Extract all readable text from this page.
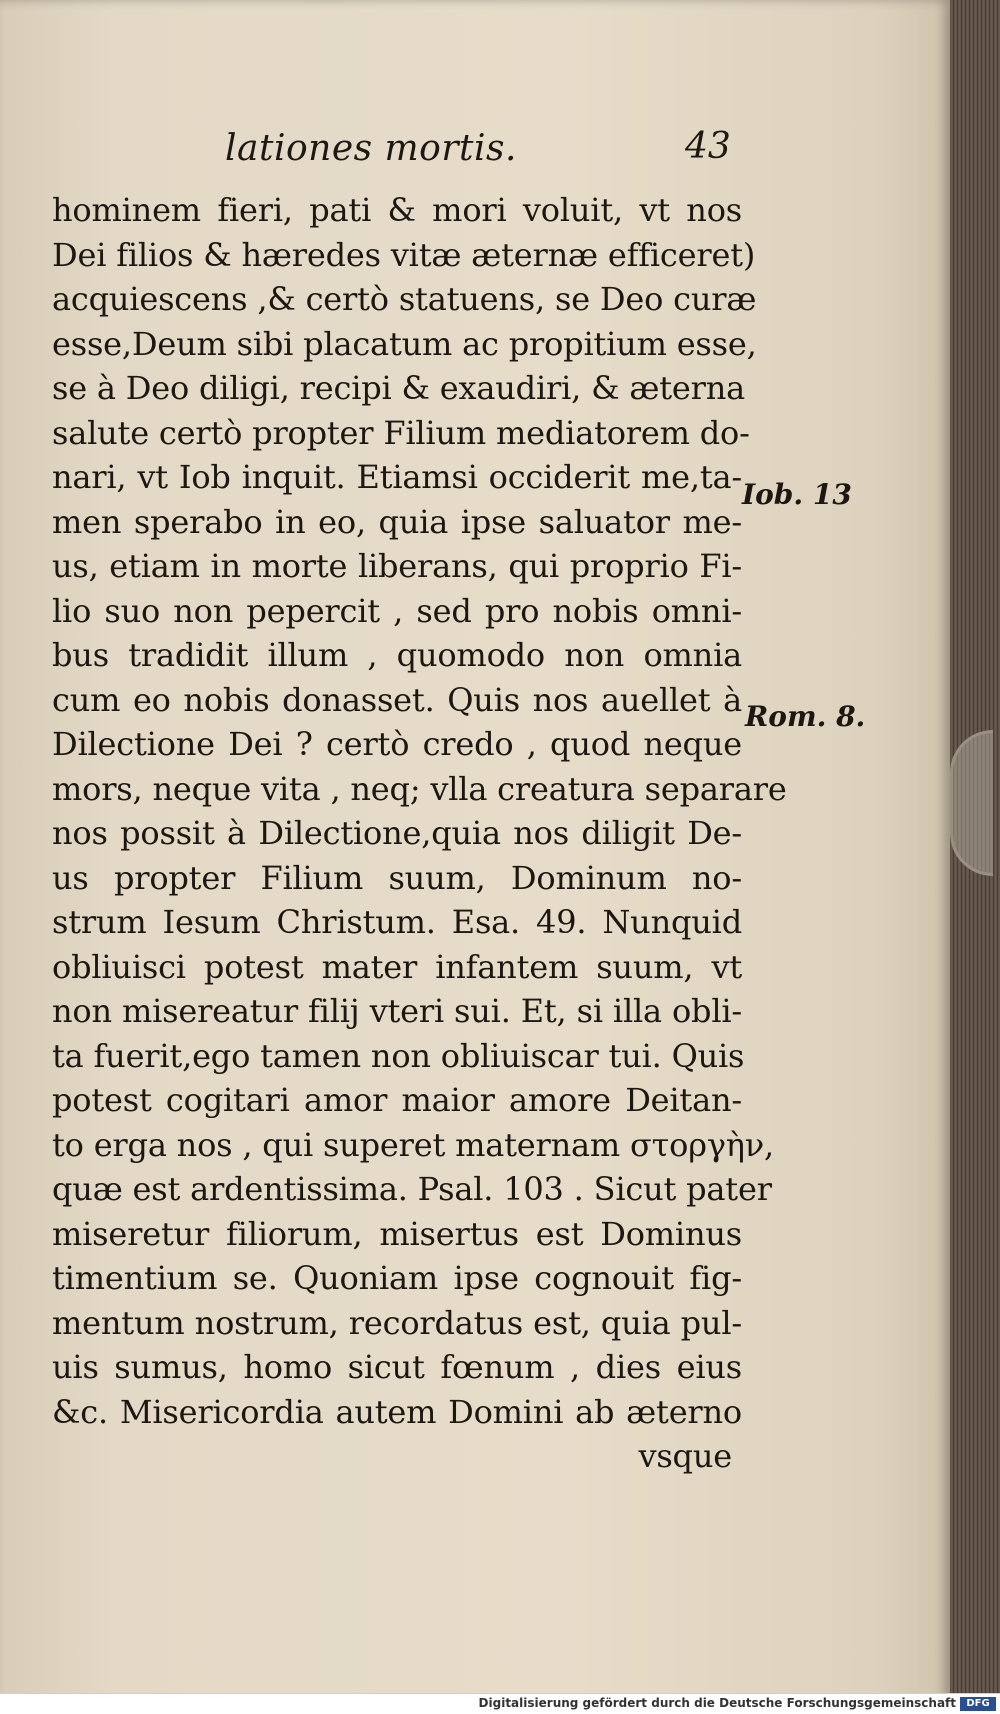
lationes mortis.	43
hominem fieri, pati & mori voluit, vt nos
Dei filios & hæredes vitæ æternæ efficeret)
acquiescens ,& certò statuens, se Deo curæ
esse,Deum sibi placatum ac propitium esse,
se à Deo diligi, recipi & exaudiri, & æterna
salute certò propter Filium mediatorem do-
nari, vt Iob inquit. Etiamsi occiderit me,ta-
men sperabo in eo, quia ipse saluator me-
us, etiam in morte liberans, qui proprio Fi-
lio suo non pepercit , sed pro nobis omni-
bus tradidit illum , quomodo non omnia
cum eo nobis donasset. Quis nos auellet à
Dilectione Dei ? certò credo , quod neque
mors, neque vita , neq; vlla creatura separare
nos possit à Dilectione,quia nos diligit De-
us propter Filium suum, Dominum no-
strum Iesum Christum. Esa. 49. Nunquid
obliuisci potest mater infantem suum, vt
non misereatur filij vteri sui. Et, si illa obli-
ta fuerit,ego tamen non obliuiscar tui. Quis
potest cogitari amor maior amore Deitan-
to erga nos , qui superet maternam στοργὴν,
quæ est ardentissima. Psal. 103 . Sicut pater
miseretur filiorum, misertus est Dominus
timentium se. Quoniam ipse cognouit fig-
mentum nostrum, recordatus est, quia pul-
uis sumus, homo sicut fœnum , dies eius
&c. Misericordia autem Domini ab æterno
vsque
Iob. 13
Rom. 8.
Digitalisierung gefördert durch die Deutsche Forschungsgemeinschaft	DFG
